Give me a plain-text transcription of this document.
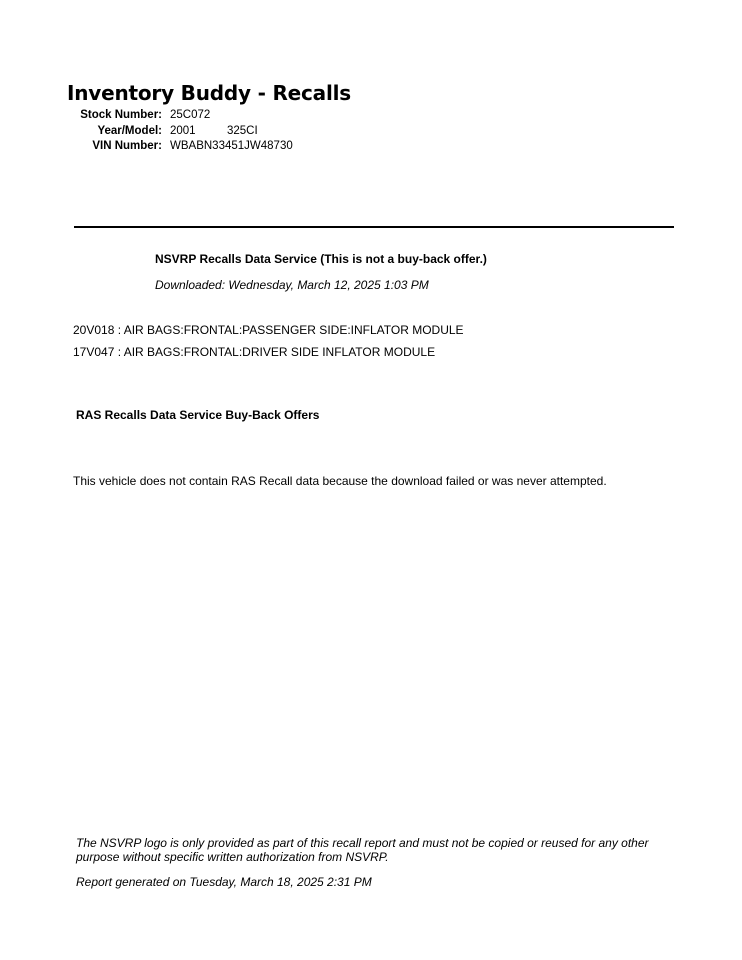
Inventory Buddy - Recalls
Stock Number: 25C072
Year/Model: 2001	325CI
VIN Number: WBABN33451JW48730
NSVRP Recalls Data Service (This is not a buy-back offer.)
Downloaded: Wednesday, March 12, 2025 1:03 PM
20V018 : AIR BAGS:FRONTAL:PASSENGER SIDE:INFLATOR MODULE
17V047 : AIR BAGS:FRONTAL:DRIVER SIDE INFLATOR MODULE
RAS Recalls Data Service Buy-Back Offers
This vehicle does not contain RAS Recall data because the download failed or was never attempted.
The NSVRP logo is only provided as part of this recall report and must not be copied or reused for any other purpose without specific written authorization from NSVRP.
Report generated on Tuesday, March 18, 2025 2:31 PM
